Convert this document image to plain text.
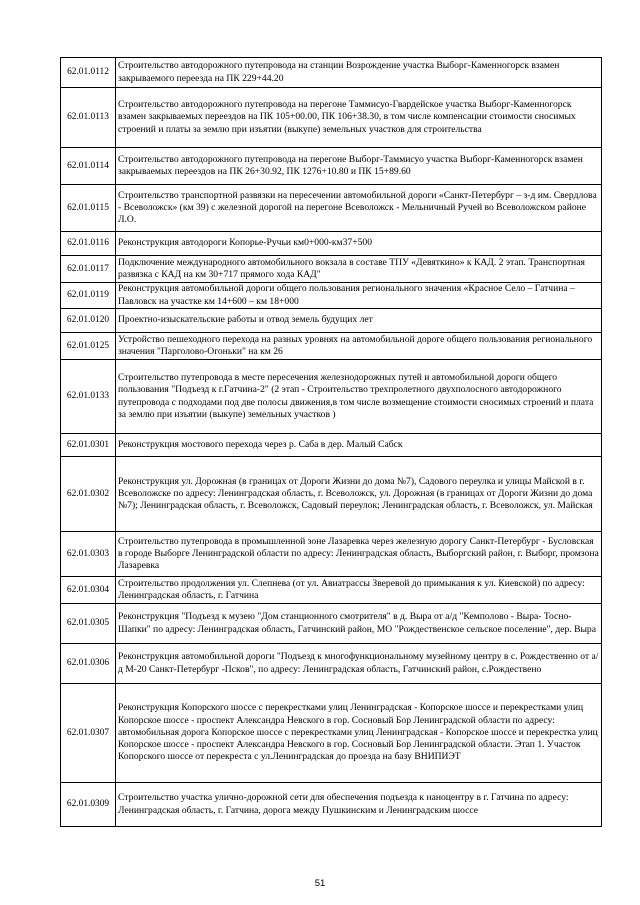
62.01.0112	Строительство автодорожного путепровода на станции Возрождение участка Выборг-Каменногорск взамен закрываемого переезда на ПК 229+44.20
62.01.0113	Строительство автодорожного путепровода на перегоне Таммисуо-Гвардейское участка Выборг-Каменногорск взамен закрываемых переездов на ПК 105+00.00, ПК 106+38.30, в том числе компенсации стоимости сносимых строений и платы за землю при изъятии (выкупе) земельных участков для строительства
62.01.0114	Строительство автодорожного путепровода на перегоне Выборг-Таммисуо участка Выборг-Каменногорск взамен закрываемых переездов на ПК 26+30.92, ПК 1276+10.80 и ПК 15+89.60
62.01.0115	Строительство транспортной развязки на пересечении автомобильной дороги «Санкт-Петербург – з-д им. Свердлова - Всеволожск» (км 39) с железной дорогой на перегоне Всеволожск - Мельничный Ручей во Всеволожском районе Л.О.
62.01.0116	Реконструкция автодороги Копорье-Ручьи км0+000-км37+500
62.01.0117	Подключение международного автомобильного вокзала в составе ТПУ «Девяткино» к КАД. 2 этап. Транспортная развязка с КАД на км 30+717 прямого хода КАД"
62.01.0119	Реконструкция автомобильной дороги общего пользования регионального значения «Красное Село – Гатчина – Павловск на участке км 14+600 – км 18+000
62.01.0120	Проектно-изыскательские работы и отвод земель будущих лет
62.01.0125	Устройство пешеходного перехода на разных уровнях на автомобильной дороге общего пользования регионального значения "Парголово-Огоньки" на км 26
62.01.0133	Строительство путепровода в месте пересечения железнодорожных путей и автомобильной дороги общего пользования "Подъезд к г.Гатчина-2" (2 этап - Строительство трехпролетного двухполосного автодорожного путепровода с подходами под две полосы движения,в том числе возмещение стоимости сносимых строений и плата за землю при изъятии (выкупе) земельных участков )
62.01.0301	Реконструкция мостового перехода через р. Саба в дер. Малый Сабск
62.01.0302	Реконструкция ул. Дорожная (в границах от Дороги Жизни до дома №7), Садового переулка и улицы Майской в г. Всеволожске по адресу: Ленинградская область, г. Всеволожск, ул. Дорожная (в границах от Дороги Жизни до дома №7); Ленинградская область, г. Всеволожск, Садовый переулок; Ленинградская область, г. Всеволожск, ул. Майская
62.01.0303	Строительство путепровода в промышленной зоне Лазаревка через железную дорогу Санкт-Петербург - Бусловская в городе Выборге Ленинградской области по адресу: Ленинградская область, Выборгский район, г. Выборг, промзона Лазаревка
62.01.0304	Строительство продолжения ул. Слепнева (от ул. Авиатрассы Зверевой до примыкания к ул. Киевской) по адресу: Ленинградская область, г. Гатчина
62.01.0305	Реконструкция "Подъезд к музею "Дом станционного смотрителя" в д. Выра от а/д "Кемполово - Выра- Тосно-Шапки" по адресу: Ленинградская область, Гатчинский район, МО "Рождественское сельское поселение", дер. Выра
62.01.0306	Реконструкция автомобильной дороги "Подъезд к многофункциональному музейному центру в с. Рождественно от а/д М-20 Санкт-Петербург -Псков", по адресу: Ленинградская область, Гатчинский район, с.Рождествено
62.01.0307	Реконструкция Копорского шоссе с перекрестками улиц Ленинградская - Копорское шоссе и перекрестками улиц Копорское шоссе - проспект Александра Невского в гор. Сосновый Бор Ленинградской области по адресу: автомобильная дорога Копорское шоссе с перекрестками улиц Ленинградская - Копорское шоссе и перекрестка улиц Копорское шоссе - проспект Александра Невского в гор. Сосновый Бор Ленинградской области. Этап 1. Участок Копорского шоссе от перекреста с ул.Ленинградская до проезда на базу ВНИПИЭТ
62.01.0309	Строительство участка улично-дорожной сети для обеспечения подъезда к наноцентру в г. Гатчина по адресу: Ленинградская область, г. Гатчина, дорога между Пушкинским и Ленинградским шоссе
51
